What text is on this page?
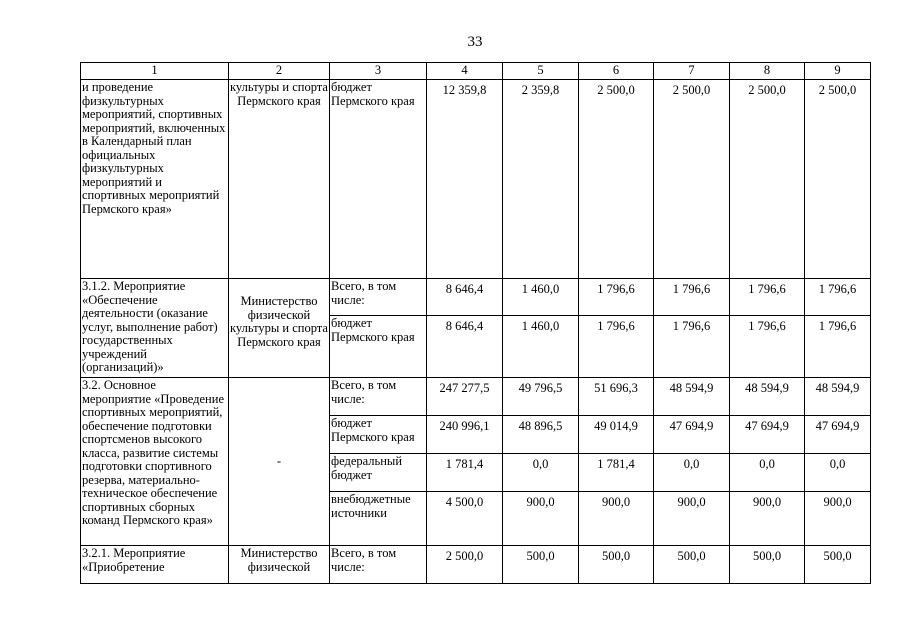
33
1	2	3	4	5	6	7	8	9
и проведение физкультурных мероприятий, спортивных мероприятий, включенных в Календарный план официальных физкультурных мероприятий и спортивных мероприятий Пермского края»	культуры и спорта Пермского края	бюджет Пермского края	12 359,8	2 359,8	2 500,0	2 500,0	2 500,0	2 500,0
3.1.2. Мероприятие «Обеспечение деятельности (оказание услуг, выполнение работ) государственных учреждений (организаций)»	Министерство физической культуры и спорта Пермского края	Всего, в том числе:	8 646,4	1 460,0	1 796,6	1 796,6	1 796,6	1 796,6
		бюджет Пермского края	8 646,4	1 460,0	1 796,6	1 796,6	1 796,6	1 796,6
3.2. Основное мероприятие «Проведение спортивных мероприятий, обеспечение подготовки спортсменов высокого класса, развитие системы подготовки спортивного резерва, материально-техническое обеспечение спортивных сборных команд Пермского края»	-	Всего, в том числе:	247 277,5	49 796,5	51 696,3	48 594,9	48 594,9	48 594,9
		бюджет Пермского края	240 996,1	48 896,5	49 014,9	47 694,9	47 694,9	47 694,9
		федеральный бюджет	1 781,4	0,0	1 781,4	0,0	0,0	0,0
		внебюджетные источники	4 500,0	900,0	900,0	900,0	900,0	900,0
3.2.1. Мероприятие «Приобретение	Министерство физической	Всего, в том числе:	2 500,0	500,0	500,0	500,0	500,0	500,0
